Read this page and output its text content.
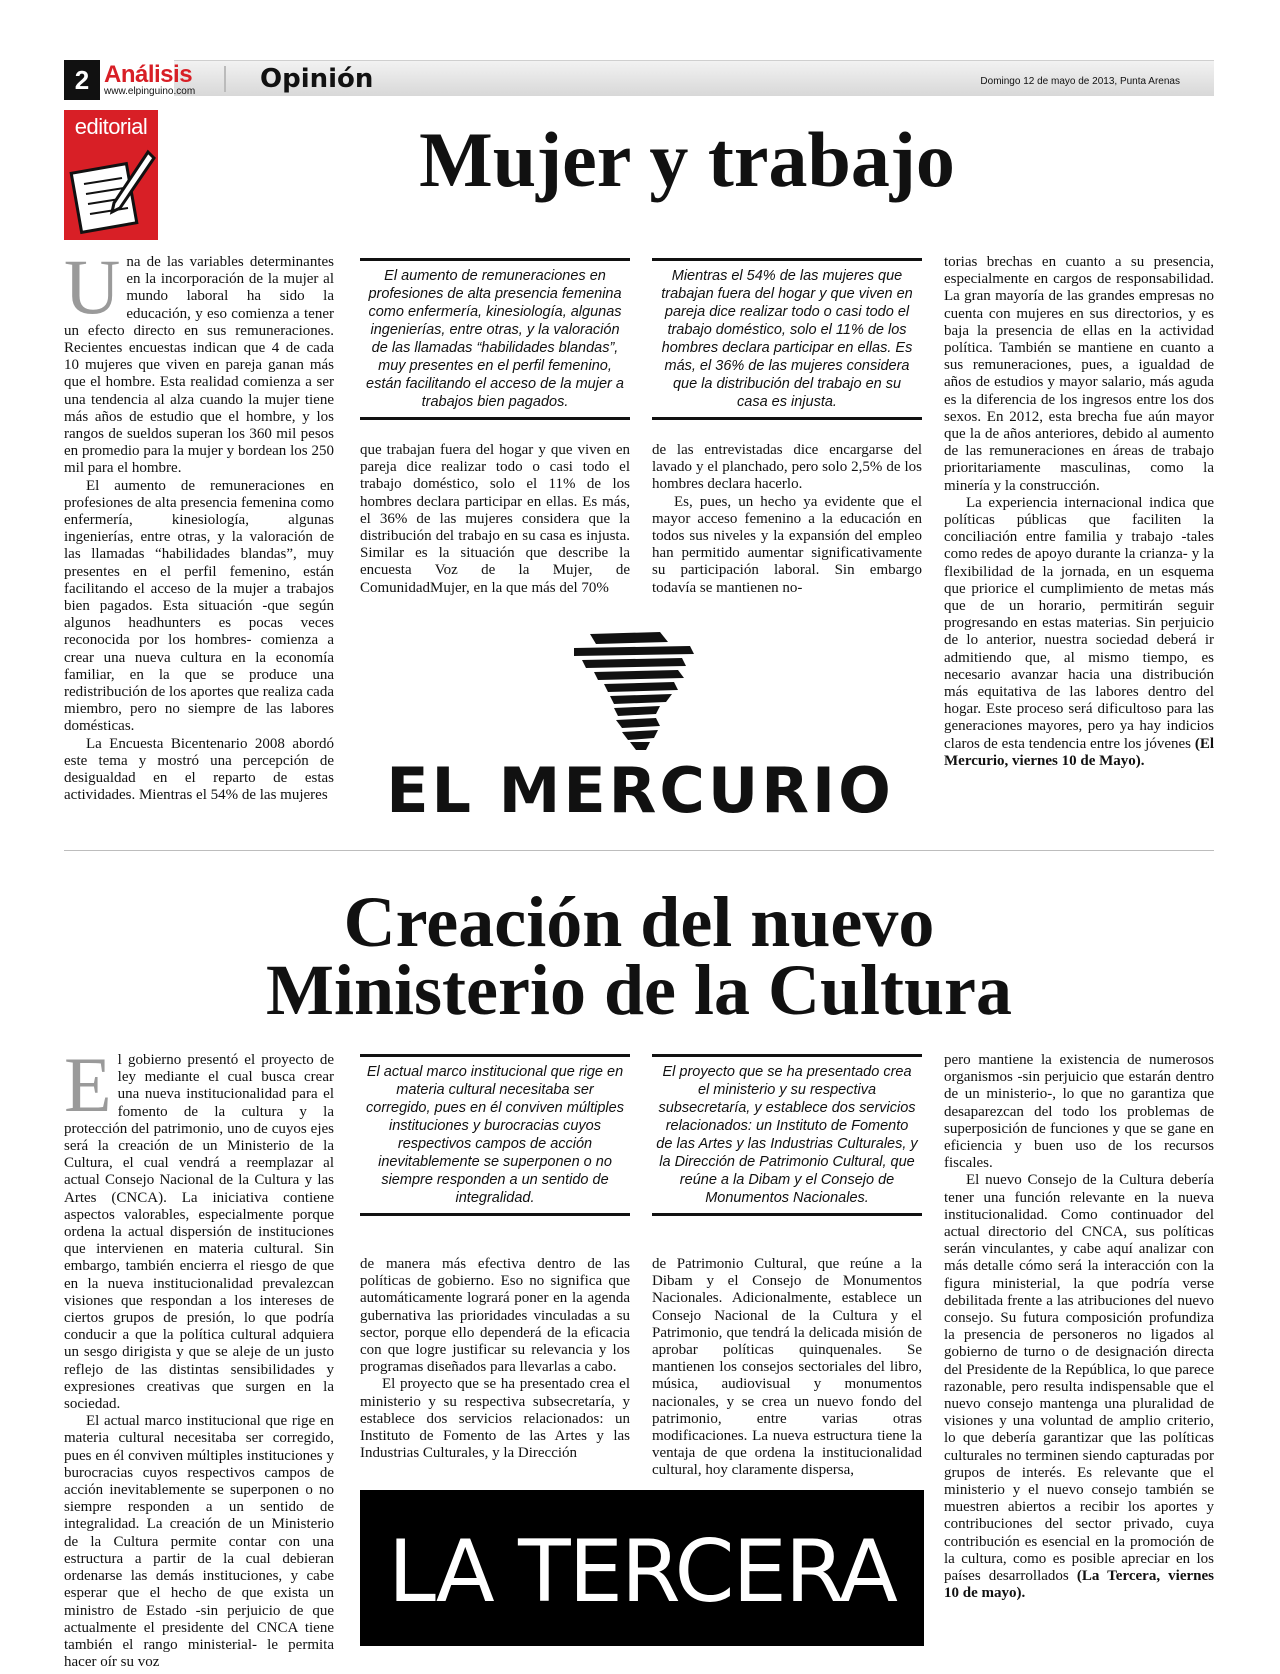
2 Análisis
www.elpinguino.com	Opinión	Domingo 12 de mayo de 2013, Punta Arenas
editorial	Mujer y trabajo

Una de las variables determinantes en la incorporación de la mujer al mundo laboral ha sido la educación, y eso comienza a tener un efecto directo en sus remuneraciones. Recientes encuestas indican que 4 de cada 10 mujeres que viven en pareja ganan más que el hombre. Esta realidad comienza a ser una tendencia al alza cuando la mujer tiene más años de estudio que el hombre, y los rangos de sueldos superan los 360 mil pesos en promedio para la mujer y bordean los 250 mil para el hombre.

El aumento de remuneraciones en profesiones de alta presencia femenina como enfermería, kinesiología, algunas ingenierías, entre otras, y la valoración de las llamadas “habilidades blandas”, muy presentes en el perfil femenino, están facilitando el acceso de la mujer a trabajos bien pagados. Esta situación -que según algunos headhunters es pocas veces reconocida por los hombres- comienza a crear una nueva cultura en la economía familiar, en la que se produce una redistribución de los aportes que realiza cada miembro, pero no siempre de las labores domésticas.

La Encuesta Bicentenario 2008 abordó este tema y mostró una percepción de desigualdad en el reparto de estas actividades. Mientras el 54% de las mujeres

El aumento de remuneraciones en profesiones de alta presencia femenina como enfermería, kinesiología, algunas ingenierías, entre otras, y la valoración de las llamadas “habilidades blandas”, muy presentes en el perfil femenino, están facilitando el acceso de la mujer a trabajos bien pagados.

que trabajan fuera del hogar y que viven en pareja dice realizar todo o casi todo el trabajo doméstico, solo el 11% de los hombres declara participar en ellas. Es más, el 36% de las mujeres considera que la distribución del trabajo en su casa es injusta. Similar es la situación que describe la encuesta Voz de la Mujer, de ComunidadMujer, en la que más del 70%

Mientras el 54% de las mujeres que trabajan fuera del hogar y que viven en pareja dice realizar todo o casi todo el trabajo doméstico, solo el 11% de los hombres declara participar en ellas. Es más, el 36% de las mujeres considera que la distribución del trabajo en su casa es injusta.

de las entrevistadas dice encargarse del lavado y el planchado, pero solo 2,5% de los hombres declara hacerlo.

Es, pues, un hecho ya evidente que el mayor acceso femenino a la educación en todos sus niveles y la expansión del empleo han permitido aumentar significativamente su participación laboral. Sin embargo todavía se mantienen no-

torias brechas en cuanto a su presencia, especialmente en cargos de responsabilidad. La gran mayoría de las grandes empresas no cuenta con mujeres en sus directorios, y es baja la presencia de ellas en la actividad política. También se mantiene en cuanto a sus remuneraciones, pues, a igualdad de años de estudios y mayor salario, más aguda es la diferencia de los ingresos entre los dos sexos. En 2012, esta brecha fue aún mayor que la de años anteriores, debido al aumento de las remuneraciones en áreas de trabajo prioritariamente masculinas, como la minería y la construcción.

La experiencia internacional indica que políticas públicas que faciliten la conciliación entre familia y trabajo -tales como redes de apoyo durante la crianza- y la flexibilidad de la jornada, en un esquema que priorice el cumplimiento de metas más que de un horario, permitirán seguir progresando en estas materias. Sin perjuicio de lo anterior, nuestra sociedad deberá ir admitiendo que, al mismo tiempo, es necesario avanzar hacia una distribución más equitativa de las labores dentro del hogar. Este proceso será dificultoso para las generaciones mayores, pero ya hay indicios claros de esta tendencia entre los jóvenes (El Mercurio, viernes 10 de Mayo).

EL MERCURIO
Creación del nuevo
Ministerio de la Cultura

El gobierno presentó el proyecto de ley mediante el cual busca crear una nueva institucionalidad para el fomento de la cultura y la protección del patrimonio, uno de cuyos ejes será la creación de un Ministerio de la Cultura, el cual vendrá a reemplazar al actual Consejo Nacional de la Cultura y las Artes (CNCA). La iniciativa contiene aspectos valorables, especialmente porque ordena la actual dispersión de instituciones que intervienen en materia cultural. Sin embargo, también encierra el riesgo de que en la nueva institucionalidad prevalezcan visiones que respondan a los intereses de ciertos grupos de presión, lo que podría conducir a que la política cultural adquiera un sesgo dirigista y que se aleje de un justo reflejo de las distintas sensibilidades y expresiones creativas que surgen en la sociedad.

El actual marco institucional que rige en materia cultural necesitaba ser corregido, pues en él conviven múltiples instituciones y burocracias cuyos respectivos campos de acción inevitablemente se superponen o no siempre responden a un sentido de integralidad. La creación de un Ministerio de la Cultura permite contar con una estructura a partir de la cual debieran ordenarse las demás instituciones, y cabe esperar que el hecho de que exista un ministro de Estado -sin perjuicio de que actualmente el presidente del CNCA tiene también el rango ministerial- le permita hacer oír su voz

El actual marco institucional que rige en materia cultural necesitaba ser corregido, pues en él conviven múltiples instituciones y burocracias cuyos respectivos campos de acción inevitablemente se superponen o no siempre responden a un sentido de integralidad.

de manera más efectiva dentro de las políticas de gobierno. Eso no significa que automáticamente logrará poner en la agenda gubernativa las prioridades vinculadas a su sector, porque ello dependerá de la eficacia con que logre justificar su relevancia y los programas diseñados para llevarlas a cabo.

El proyecto que se ha presentado crea el ministerio y su respectiva subsecretaría, y establece dos servicios relacionados: un Instituto de Fomento de las Artes y las Industrias Culturales, y la Dirección

El proyecto que se ha presentado crea el ministerio y su respectiva subsecretaría, y establece dos servicios relacionados: un Instituto de Fomento de las Artes y las Industrias Culturales, y la Dirección de Patrimonio Cultural, que reúne a la Dibam y el Consejo de Monumentos Nacionales.

de Patrimonio Cultural, que reúne a la Dibam y el Consejo de Monumentos Nacionales. Adicionalmente, establece un Consejo Nacional de la Cultura y el Patrimonio, que tendrá la delicada misión de aprobar políticas quinquenales. Se mantienen los consejos sectoriales del libro, música, audiovisual y monumentos nacionales, y se crea un nuevo fondo del patrimonio, entre varias otras modificaciones. La nueva estructura tiene la ventaja de que ordena la institucionalidad cultural, hoy claramente dispersa,

pero mantiene la existencia de numerosos organismos -sin perjuicio que estarán dentro de un ministerio-, lo que no garantiza que desaparezcan del todo los problemas de superposición de funciones y que se gane en eficiencia y buen uso de los recursos fiscales.

El nuevo Consejo de la Cultura debería tener una función relevante en la nueva institucionalidad. Como continuador del actual directorio del CNCA, sus políticas serán vinculantes, y cabe aquí analizar con más detalle cómo será la interacción con la figura ministerial, la que podría verse debilitada frente a las atribuciones del nuevo consejo. Su futura composición profundiza la presencia de personeros no ligados al gobierno de turno o de designación directa del Presidente de la República, lo que parece razonable, pero resulta indispensable que el nuevo consejo mantenga una pluralidad de visiones y una voluntad de amplio criterio, lo que debería garantizar que las políticas culturales no terminen siendo capturadas por grupos de interés. Es relevante que el ministerio y el nuevo consejo también se muestren abiertos a recibir los aportes y contribuciones del sector privado, cuya contribución es esencial en la promoción de la cultura, como es posible apreciar en los países desarrollados (La Tercera, viernes 10 de mayo).

LA TERCERA
